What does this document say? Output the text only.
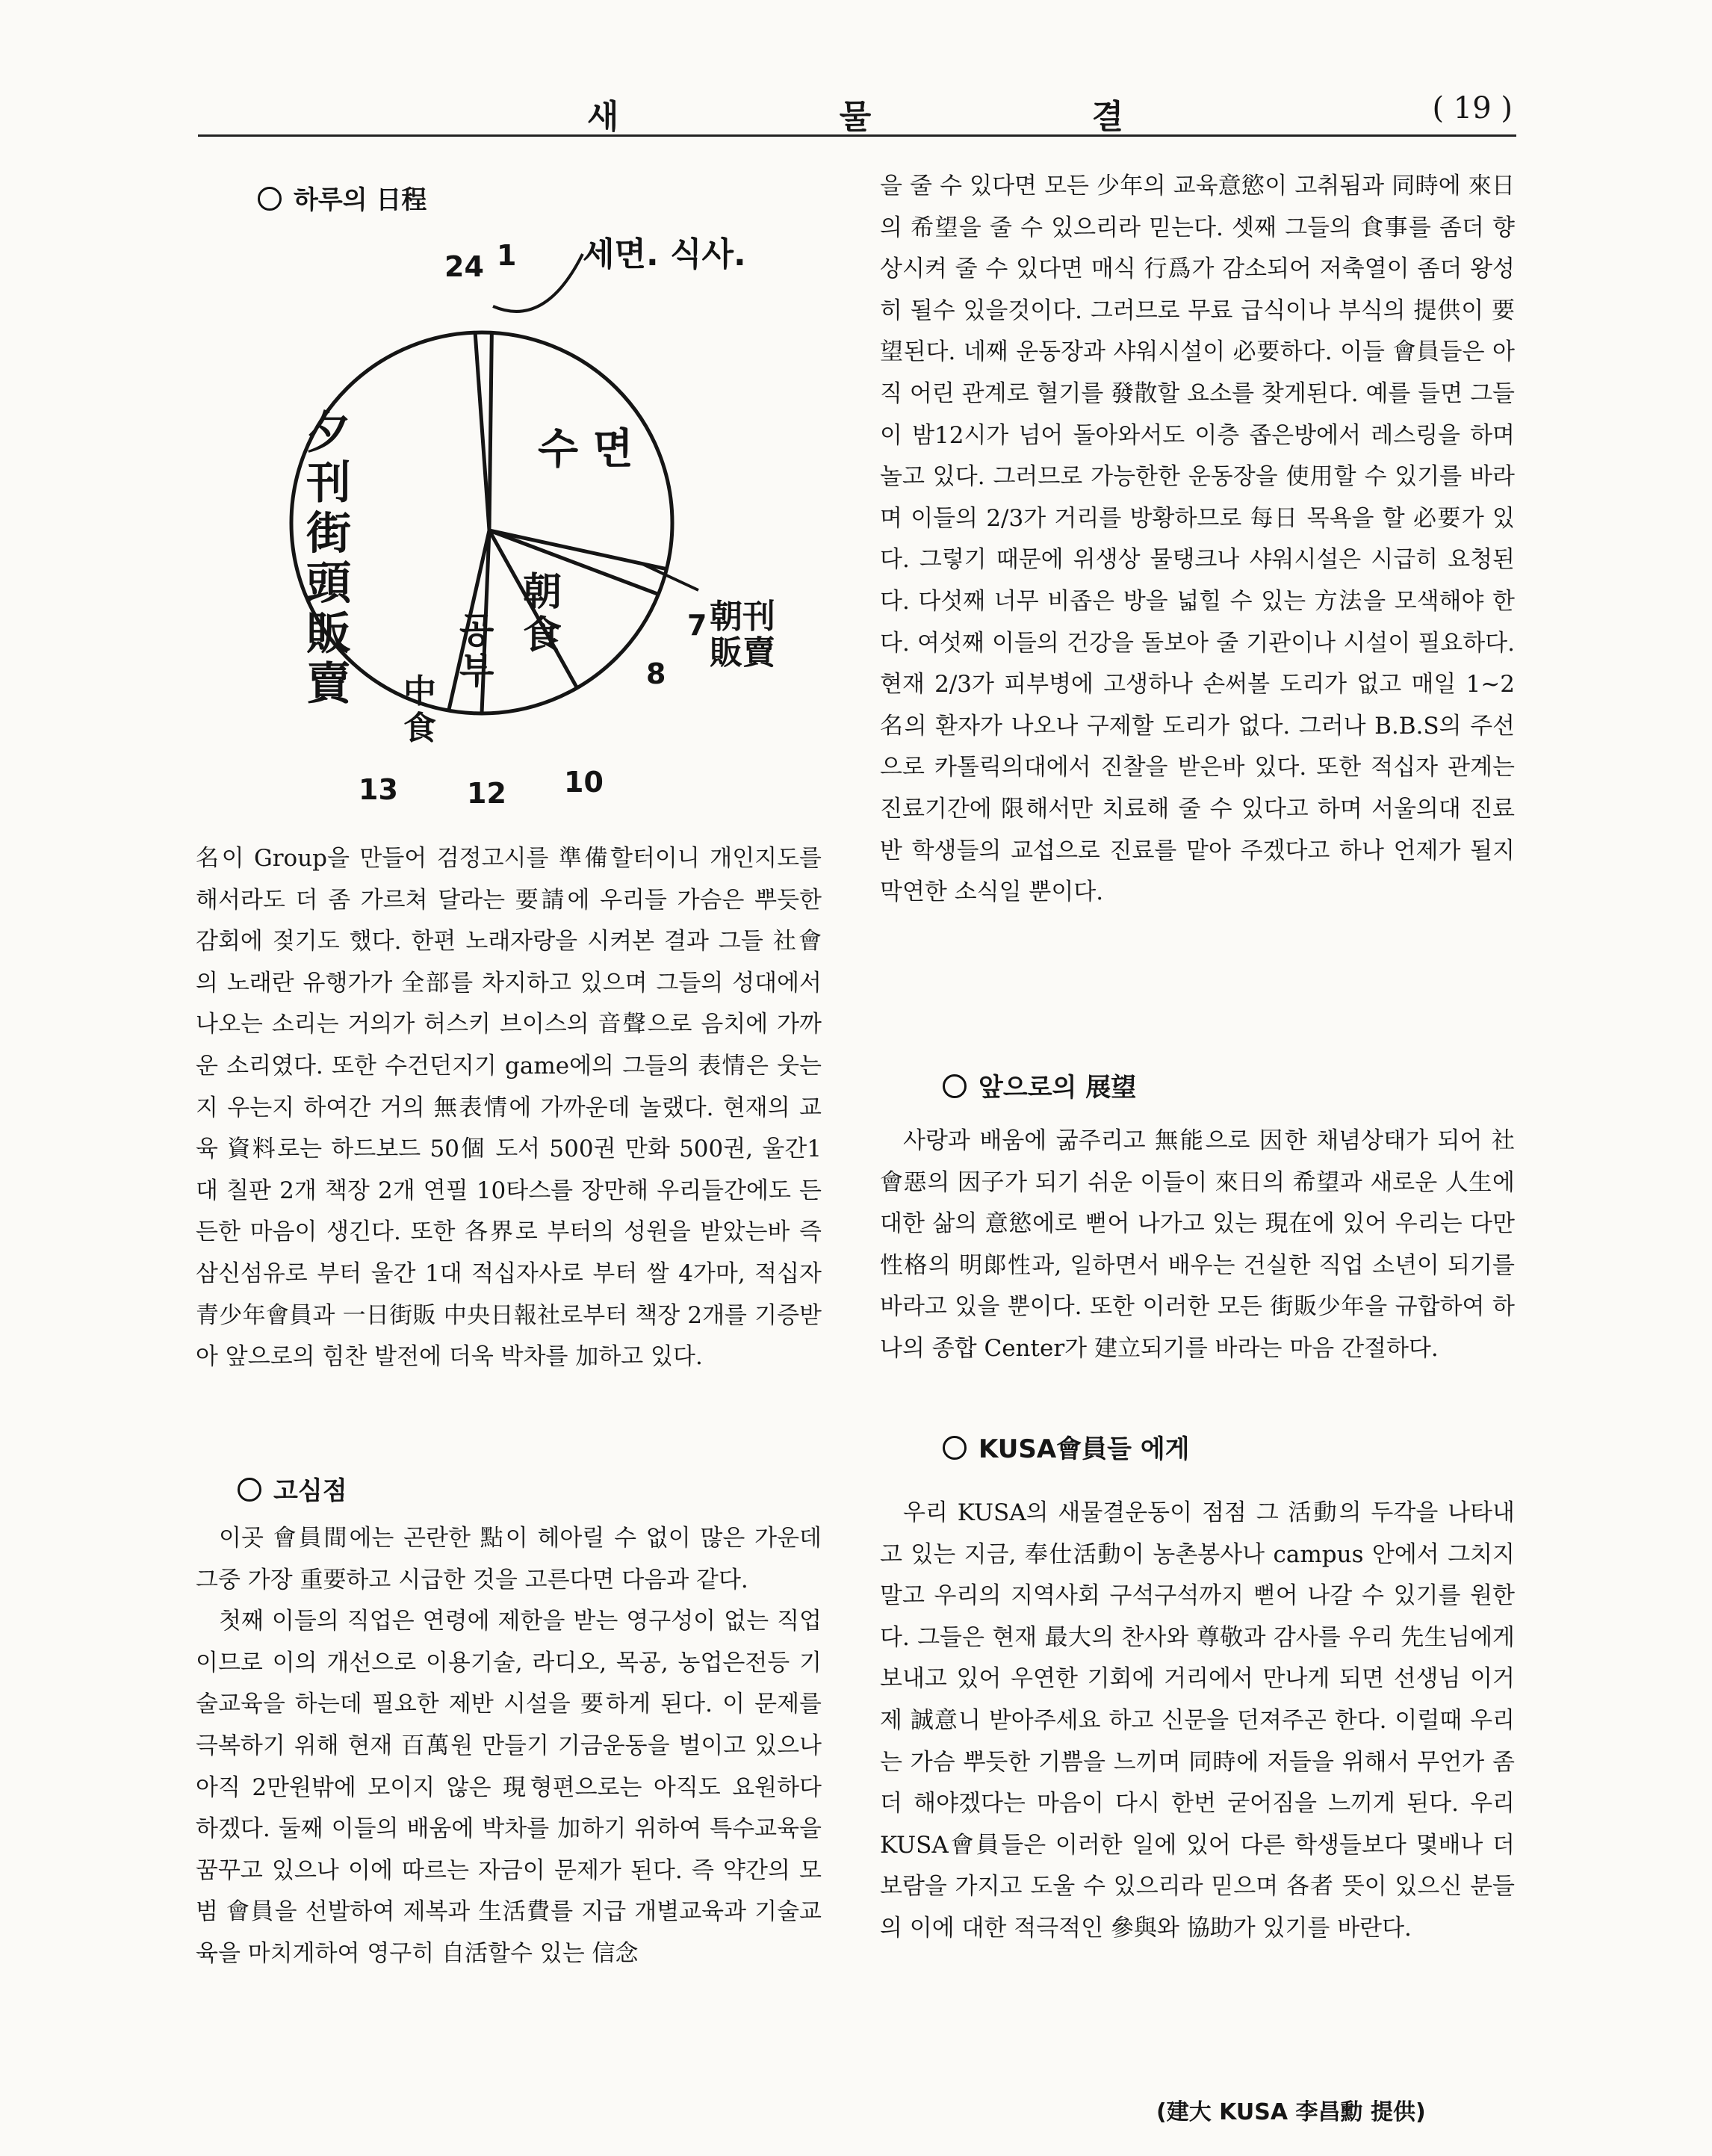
새 물 결	( 19 )
하루의 日程
24 1
7
8
10
12
13
세면. 식사.
수 면
朝刊
販賣
朝
食
공
부
中
食
夕
刊
街
頭
販
賣

名이 Group을 만들어 검정고시를 準備할터이니 개인지도를 해서라도 더 좀 가르쳐 달라는 要請에 우리들 가슴은 뿌듯한 감회에 젖기도 했다. 한편 노래자랑을 시켜본 결과 그들 社會의 노래란 유행가가 全部를 차지하고 있으며 그들의 성대에서 나오는 소리는 거의가 허스키 브이스의 音聲으로 음치에 가까운 소리였다. 또한 수건던지기 game에의 그들의 表情은 웃는지 우는지 하여간 거의 無表情에 가까운데 놀랬다. 현재의 교육 資料로는 하드보드 50個 도서 500권 만화 500권, 울간1대 칠판 2개 책장 2개 연필 10타스를 장만해 우리들간에도 든든한 마음이 생긴다. 또한 各界로 부터의 성원을 받았는바 즉 삼신섬유로 부터 울간 1대 적십자사로 부터 쌀 4가마, 적십자 青少年會員과 一日街販 中央日報社로부터 책장 2개를 기증받아 앞으로의 힘찬 발전에 더욱 박차를 加하고 있다.

고심점

이곳 會員間에는 곤란한 點이 헤아릴 수 없이 많은 가운데 그중 가장 重要하고 시급한 것을 고른다면 다음과 같다.

첫째 이들의 직업은 연령에 제한을 받는 영구성이 없는 직업이므로 이의 개선으로 이용기술, 라디오, 목공, 농업은전등 기술교육을 하는데 필요한 제반 시설을 要하게 된다. 이 문제를 극복하기 위해 현재 百萬원 만들기 기금운동을 벌이고 있으나 아직 2만원밖에 모이지 않은 現형편으로는 아직도 요원하다 하겠다. 둘째 이들의 배움에 박차를 加하기 위하여 특수교육을 꿈꾸고 있으나 이에 따르는 자금이 문제가 된다. 즉 약간의 모범 會員을 선발하여 제복과 生活費를 지급 개별교육과 기술교육을 마치게하여 영구히 自活할수 있는 信念

을 줄 수 있다면 모든 少年의 교육意慾이 고취됨과 同時에 來日의 希望을 줄 수 있으리라 믿는다. 셋째 그들의 食事를 좀더 향상시켜 줄 수 있다면 매식 行爲가 감소되어 저축열이 좀더 왕성히 될수 있을것이다. 그러므로 무료 급식이나 부식의 提供이 要望된다. 네째 운동장과 샤워시설이 必要하다. 이들 會員들은 아직 어린 관계로 혈기를 發散할 요소를 찾게된다. 예를 들면 그들이 밤12시가 넘어 돌아와서도 이층 좁은방에서 레스링을 하며 놀고 있다. 그러므로 가능한한 운동장을 使用할 수 있기를 바라며 이들의 2/3가 거리를 방황하므로 每日 목욕을 할 必要가 있다. 그렇기 때문에 위생상 물탱크나 샤워시설은 시급히 요청된다. 다섯째 너무 비좁은 방을 넓힐 수 있는 方法을 모색해야 한다. 여섯째 이들의 건강을 돌보아 줄 기관이나 시설이 필요하다. 현재 2/3가 피부병에 고생하나 손써볼 도리가 없고 매일 1~2名의 환자가 나오나 구제할 도리가 없다. 그러나 B.B.S의 주선으로 카톨릭의대에서 진찰을 받은바 있다. 또한 적십자 관계는 진료기간에 限해서만 치료해 줄 수 있다고 하며 서울의대 진료반 학생들의 교섭으로 진료를 맡아 주겠다고 하나 언제가 될지 막연한 소식일 뿐이다.

앞으로의 展望

사랑과 배움에 굶주리고 無能으로 因한 채념상태가 되어 社會惡의 因子가 되기 쉬운 이들이 來日의 希望과 새로운 人生에 대한 삶의 意慾에로 뻗어 나가고 있는 現在에 있어 우리는 다만 性格의 明郞性과, 일하면서 배우는 건실한 직업 소년이 되기를 바라고 있을 뿐이다. 또한 이러한 모든 街販少年을 규합하여 하나의 종합 Center가 建立되기를 바라는 마음 간절하다.

KUSA會員들 에게

우리 KUSA의 새물결운동이 점점 그 活動의 두각을 나타내고 있는 지금, 奉仕活動이 농촌봉사나 campus 안에서 그치지 말고 우리의 지역사회 구석구석까지 뻗어 나갈 수 있기를 원한다. 그들은 현재 最大의 찬사와 尊敬과 감사를 우리 先生님에게 보내고 있어 우연한 기회에 거리에서 만나게 되면 선생님 이거 제 誠意니 받아주세요 하고 신문을 던져주곤 한다. 이럴때 우리는 가슴 뿌듯한 기쁨을 느끼며 同時에 저들을 위해서 무언가 좀더 해야겠다는 마음이 다시 한번 굳어짐을 느끼게 된다. 우리 KUSA會員들은 이러한 일에 있어 다른 학생들보다 몇배나 더 보람을 가지고 도울 수 있으리라 믿으며 各者 뜻이 있으신 분들의 이에 대한 적극적인 參與와 協助가 있기를 바란다.

(建大 KUSA 李昌勳 提供)
